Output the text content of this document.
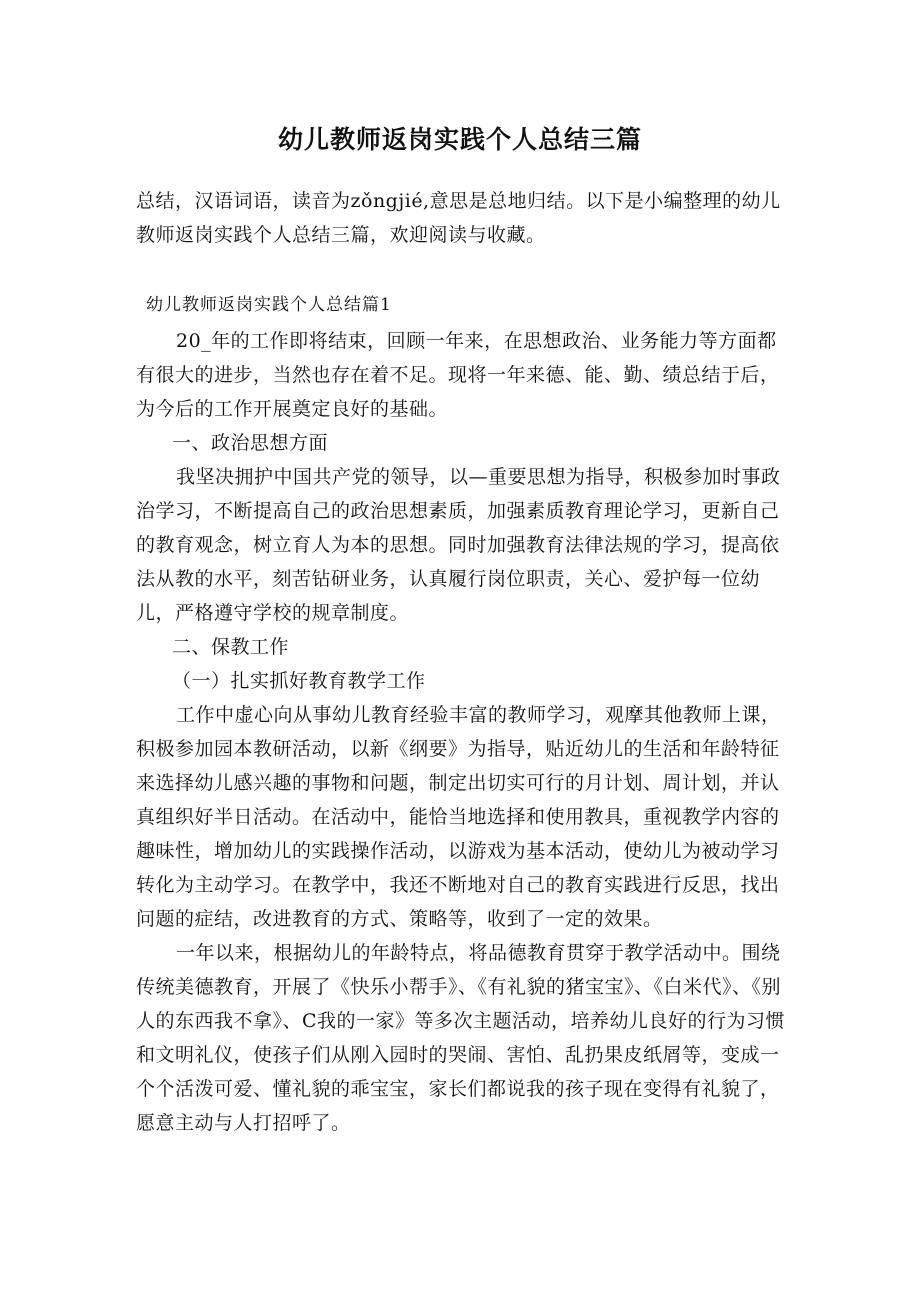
幼儿教师返岗实践个人总结三篇

总结，汉语词语，读音为zǒngjié,意思是总地归结。以下是小编整理的幼儿教师返岗实践个人总结三篇，欢迎阅读与收藏。

幼儿教师返岗实践个人总结篇1

20_年的工作即将结束，回顾一年来，在思想政治、业务能力等方面都有很大的进步，当然也存在着不足。现将一年来德、能、勤、绩总结于后，为今后的工作开展奠定良好的基础。

一、政治思想方面

我坚决拥护中国共产党的领导，以—重要思想为指导，积极参加时事政治学习，不断提高自己的政治思想素质，加强素质教育理论学习，更新自己的教育观念，树立育人为本的思想。同时加强教育法律法规的学习，提高依法从教的水平，刻苦钻研业务，认真履行岗位职责，关心、爱护每一位幼儿，严格遵守学校的规章制度。

二、保教工作

（一）扎实抓好教育教学工作

工作中虚心向从事幼儿教育经验丰富的教师学习，观摩其他教师上课，积极参加园本教研活动，以新《纲要》为指导，贴近幼儿的生活和年龄特征来选择幼儿感兴趣的事物和问题，制定出切实可行的月计划、周计划，并认真组织好半日活动。在活动中，能恰当地选择和使用教具，重视教学内容的趣味性，增加幼儿的实践操作活动，以游戏为基本活动，使幼儿为被动学习转化为主动学习。在教学中，我还不断地对自己的教育实践进行反思，找出问题的症结，改进教育的方式、策略等，收到了一定的效果。

一年以来，根据幼儿的年龄特点，将品德教育贯穿于教学活动中。围绕传统美德教育，开展了《快乐小帮手》、《有礼貌的猪宝宝》、《白米代》、《别人的东西我不拿》、C我的一家》等多次主题活动，培养幼儿良好的行为习惯和文明礼仪，使孩子们从刚入园时的哭闹、害怕、乱扔果皮纸屑等，变成一个个活泼可爱、懂礼貌的乖宝宝，家长们都说我的孩子现在变得有礼貌了，愿意主动与人打招呼了。
